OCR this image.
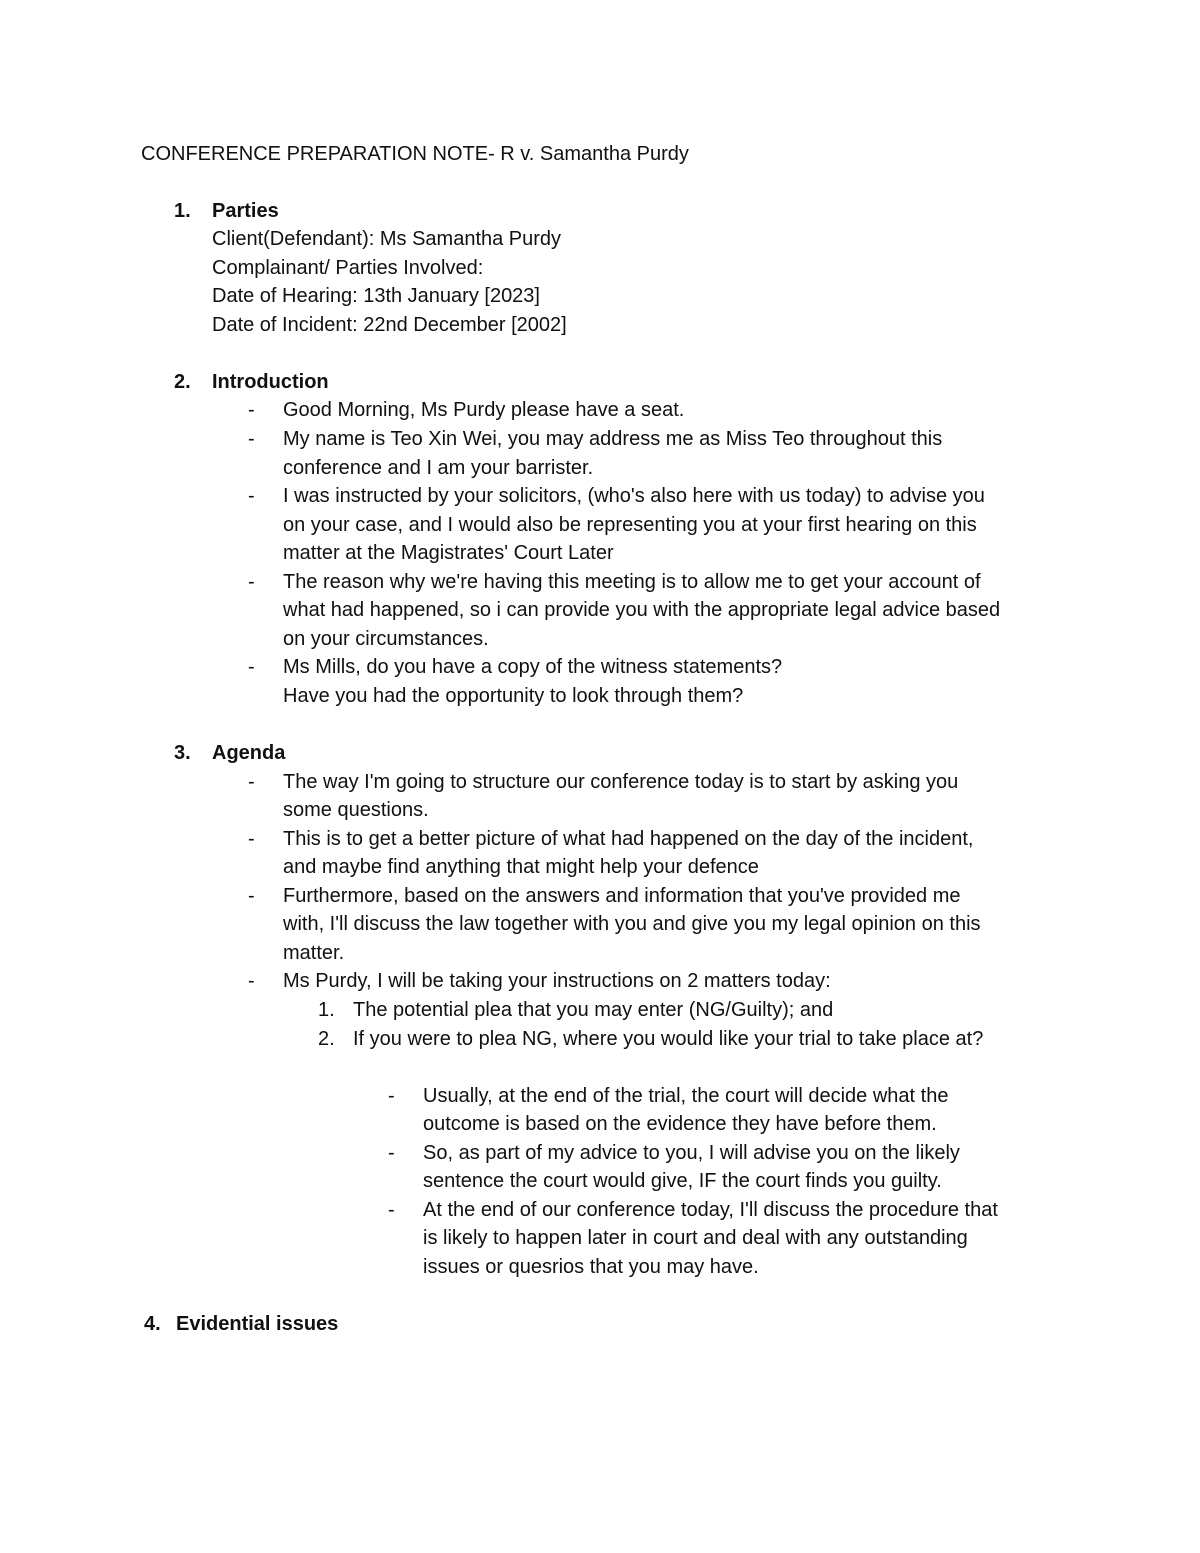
CONFERENCE PREPARATION NOTE- R v. Samantha Purdy
1. Parties
Client(Defendant): Ms Samantha Purdy
Complainant/ Parties Involved:
Date of Hearing: 13th January [2023]
Date of Incident: 22nd December [2002]
2. Introduction
- Good Morning, Ms Purdy please have a seat.
- My name is Teo Xin Wei, you may address me as Miss Teo throughout this
conference and I am your barrister.
- I was instructed by your solicitors, (who's also here with us today) to advise you
on your case, and I would also be representing you at your first hearing on this
matter at the Magistrates' Court Later
- The reason why we're having this meeting is to allow me to get your account of
what had happened, so i can provide you with the appropriate legal advice based
on your circumstances.
- Ms Mills, do you have a copy of the witness statements?
Have you had the opportunity to look through them?
3. Agenda
- The way I'm going to structure our conference today is to start by asking you
some questions.
- This is to get a better picture of what had happened on the day of the incident,
and maybe find anything that might help your defence
- Furthermore, based on the answers and information that you've provided me
with, I'll discuss the law together with you and give you my legal opinion on this
matter.
- Ms Purdy, I will be taking your instructions on 2 matters today:
1. The potential plea that you may enter (NG/Guilty); and
2. If you were to plea NG, where you would like your trial to take place at?
- Usually, at the end of the trial, the court will decide what the
outcome is based on the evidence they have before them.
- So, as part of my advice to you, I will advise you on the likely
sentence the court would give, IF the court finds you guilty.
- At the end of our conference today, I'll discuss the procedure that
is likely to happen later in court and deal with any outstanding
issues or quesrios that you may have.
4. Evidential issues
